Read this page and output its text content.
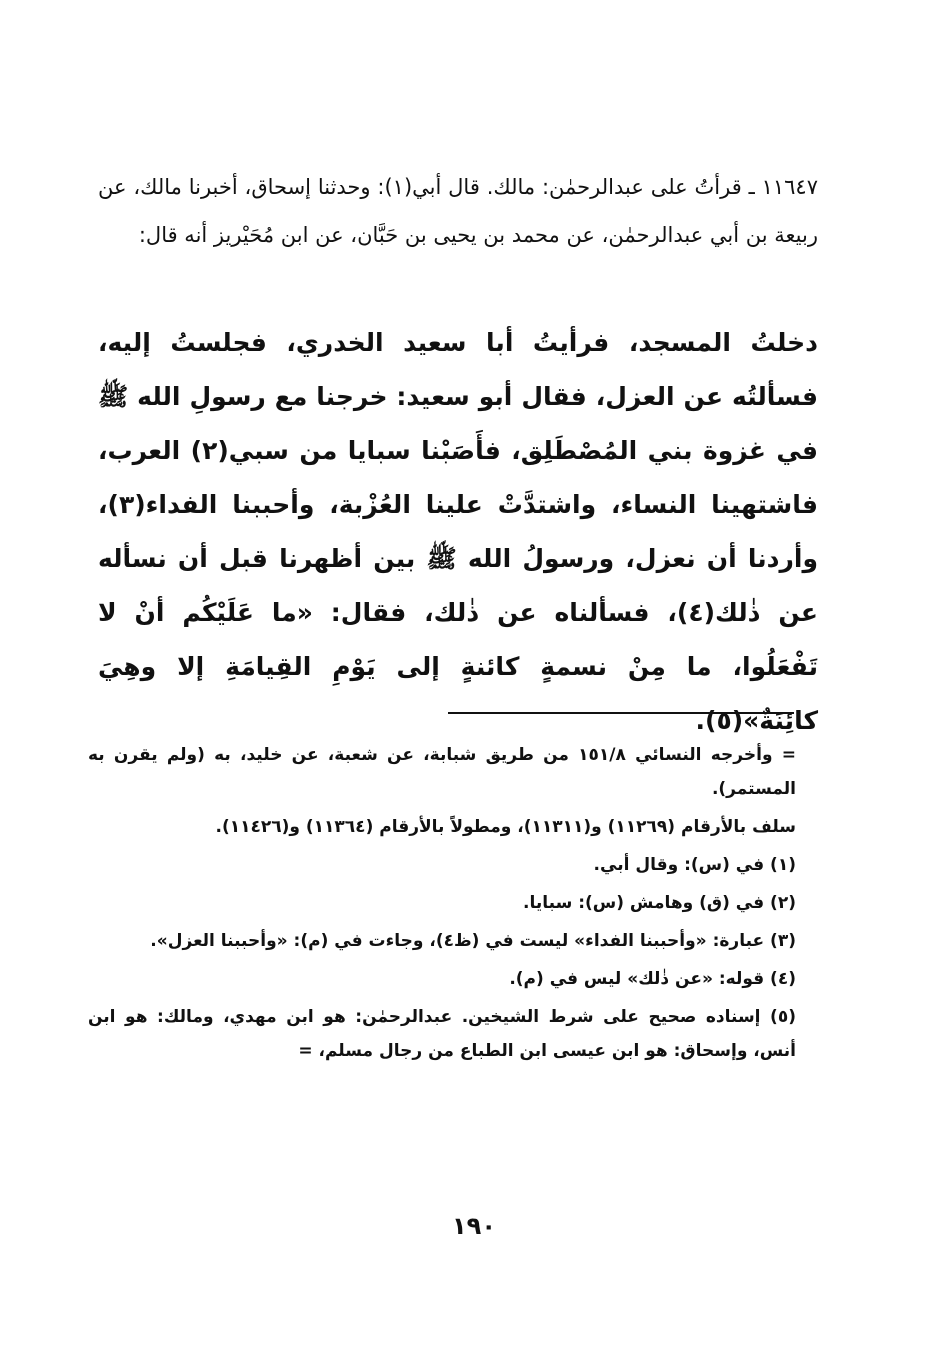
١١٦٤٧ ـ قرأتُ على عبدالرحمٰن: مالك. قال أبي(١): وحدثنا إسحاق، أخبرنا مالك، عن ربيعة بن أبي عبدالرحمٰن، عن محمد بن يحيى بن حَبَّان، عن ابن مُحَيْريز أنه قال:

دخلتُ المسجد، فرأيتُ أبا سعيد الخدري، فجلستُ إليه، فسألتُه عن العزل، فقال أبو سعيد: خرجنا مع رسولِ الله ﷺ في غزوة بني المُصْطَلِق، فأَصَبْنا سبايا من سبي(٢) العرب، فاشتهينا النساء، واشتدَّتْ علينا العُزْبة، وأحببنا الفداء(٣)، وأردنا أن نعزل، ورسولُ الله ﷺ بين أظهرنا قبل أن نسأله عن ذٰلك(٤)، فسألناه عن ذٰلك، فقال: «ما عَلَيْكُم أنْ لا تَفْعَلُوا، ما مِنْ نسمةٍ كائنةٍ إلى يَوْمِ القِيامَةِ إلا وهِيَ كائِنَةٌ»(٥).

= وأخرجه النسائي ١٥١/٨ من طريق شبابة، عن شعبة، عن خليد، به (ولم يقرن به المستمر).

سلف بالأرقام (١١٢٦٩) و(١١٣١١)، ومطولاً بالأرقام (١١٣٦٤) و(١١٤٢٦).

(١) في (س): وقال أبي.

(٢) في (ق) وهامش (س): سبايا.

(٣) عبارة: «وأحببنا الفداء» ليست في (ظ٤)، وجاءت في (م): «وأحببنا العزل».

(٤) قوله: «عن ذٰلك» ليس في (م).

(٥) إسناده صحيح على شرط الشيخين. عبدالرحمٰن: هو ابن مهدي، ومالك: هو ابن أنس، وإسحاق: هو ابن عيسى ابن الطباع من رجال مسلم، =

١٩٠
